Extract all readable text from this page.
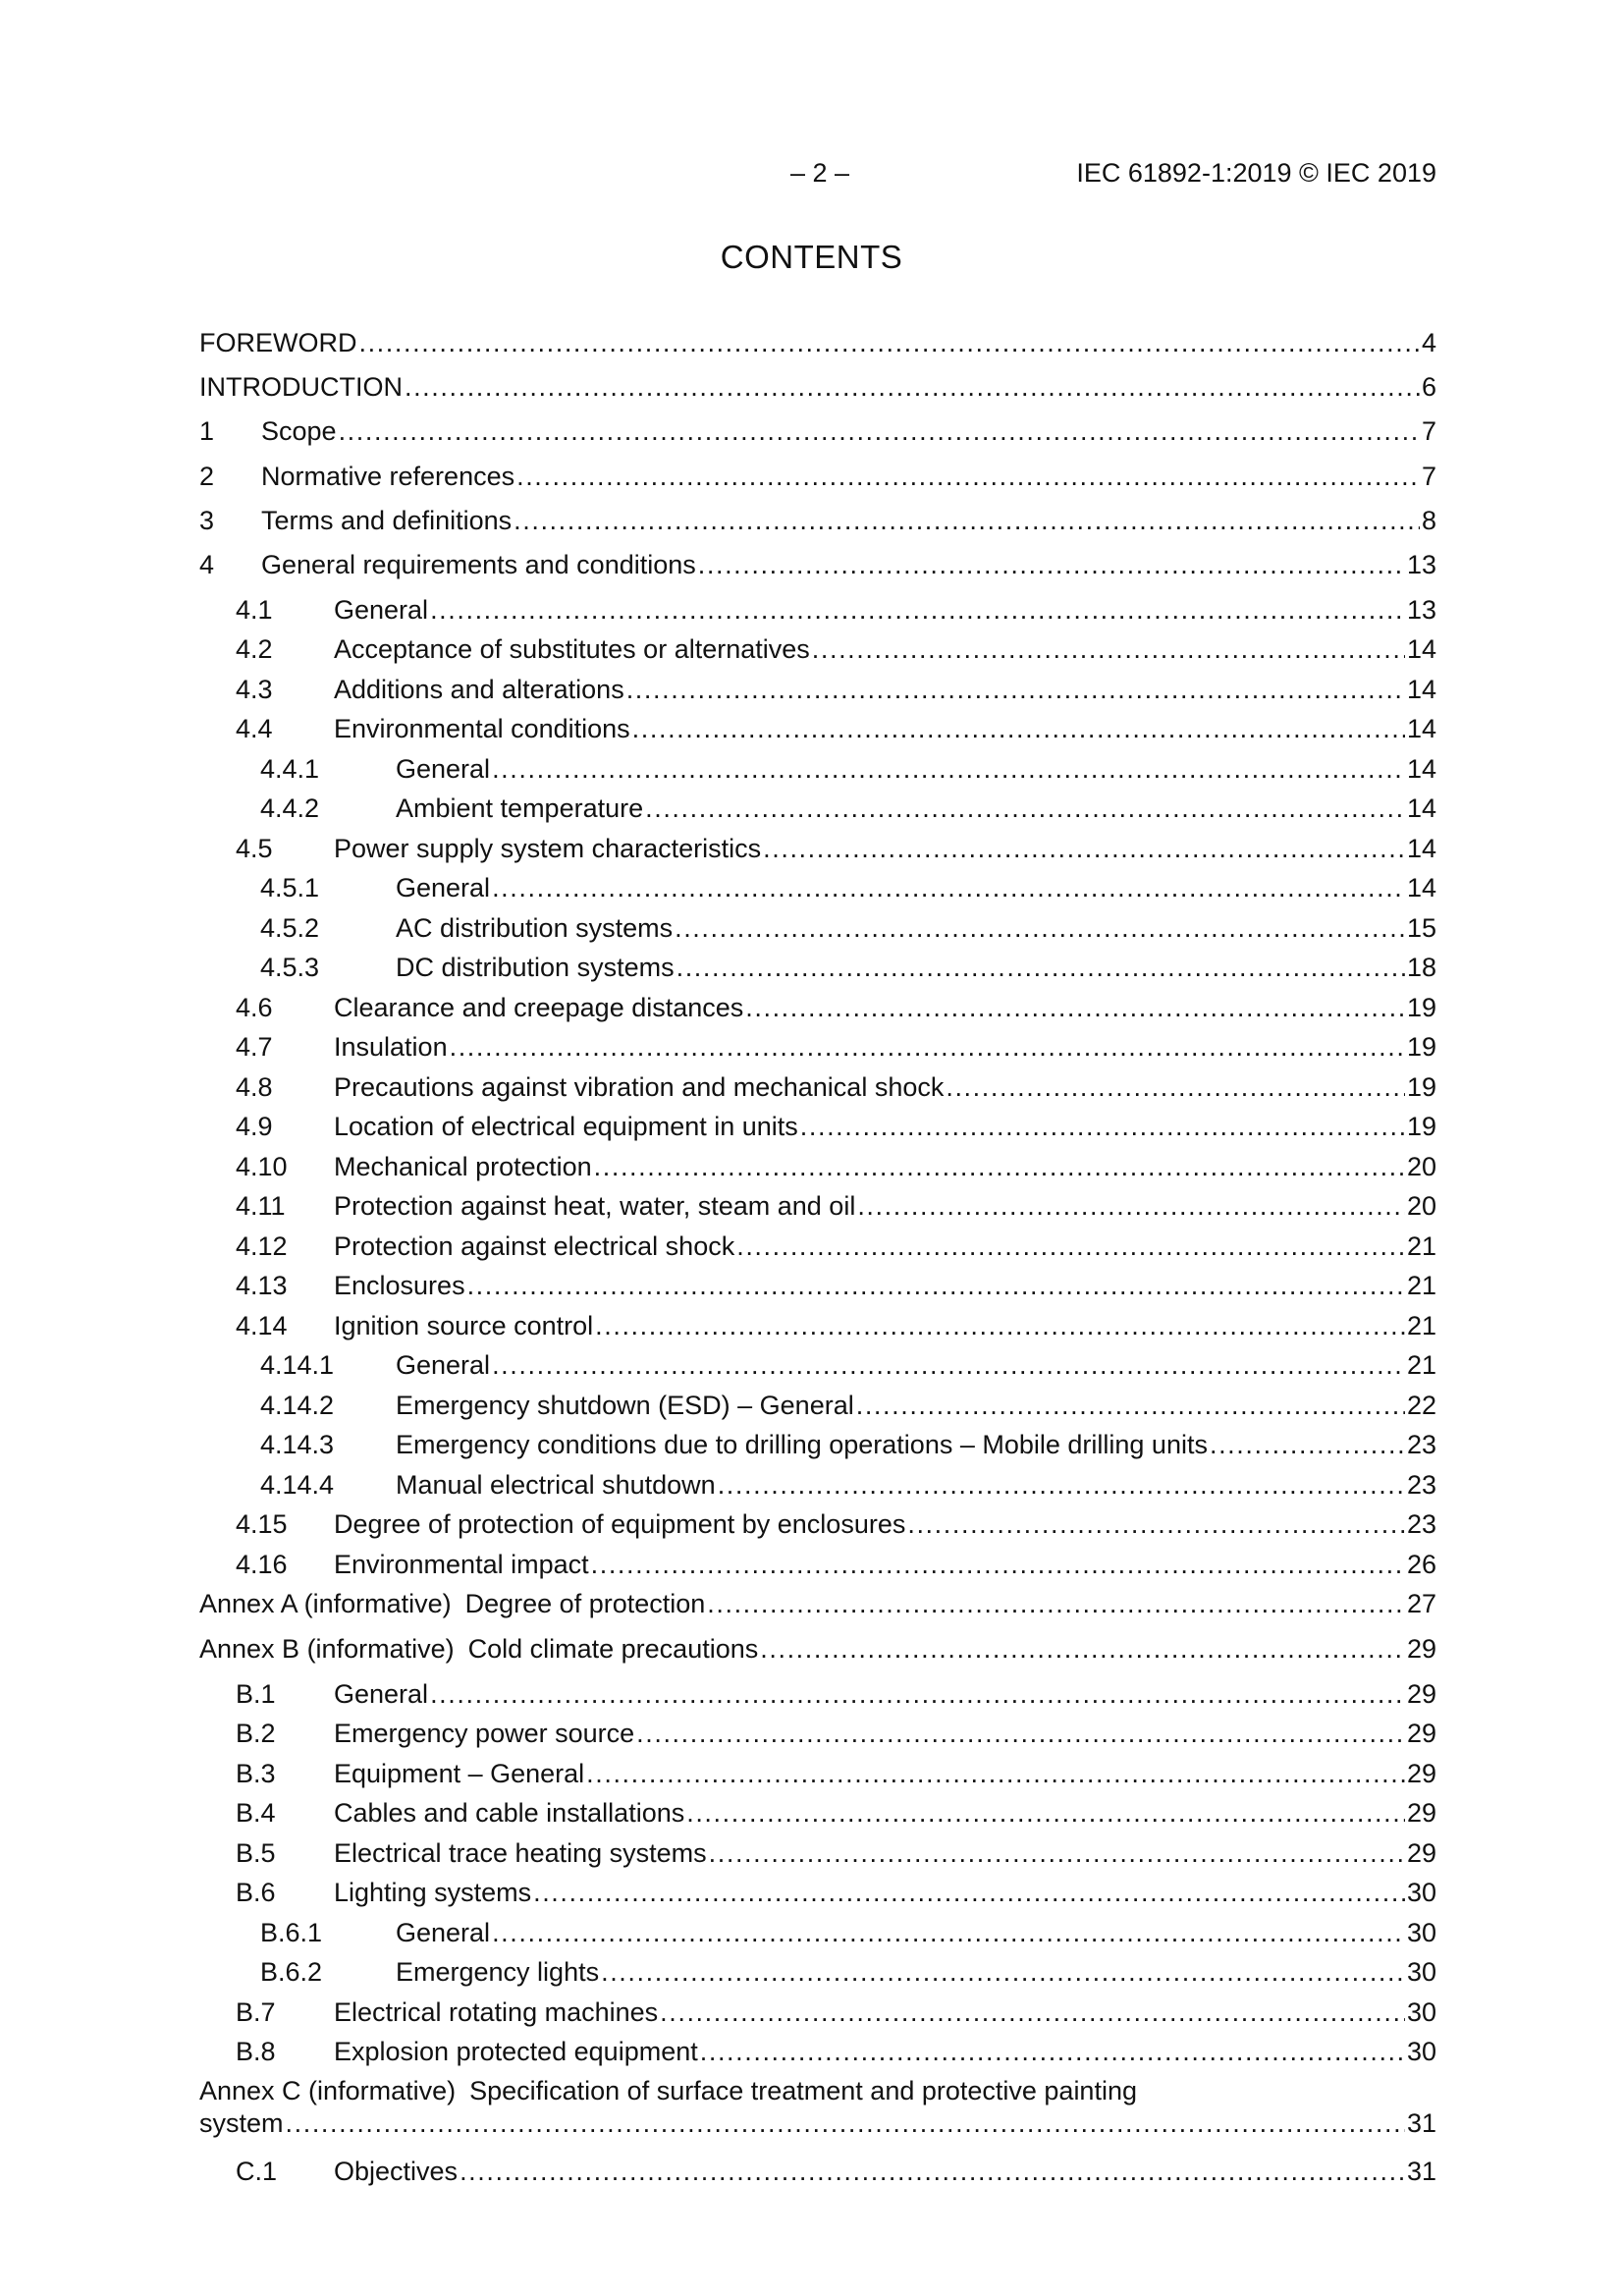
– 2 –	IEC 61892-1:2019 © IEC 2019
CONTENTS
FOREWORD .....	4
INTRODUCTION .....	6
1	Scope .....	7
2	Normative references .....	7
3	Terms and definitions .....	8
4	General requirements and conditions .....	13
4.1	General .....	13
4.2	Acceptance of substitutes or alternatives .....	14
4.3	Additions and alterations .....	14
4.4	Environmental conditions .....	14
4.4.1	General .....	14
4.4.2	Ambient temperature .....	14
4.5	Power supply system characteristics .....	14
4.5.1	General .....	14
4.5.2	AC distribution systems .....	15
4.5.3	DC distribution systems .....	18
4.6	Clearance and creepage distances .....	19
4.7	Insulation .....	19
4.8	Precautions against vibration and mechanical shock .....	19
4.9	Location of electrical equipment in units .....	19
4.10	Mechanical protection .....	20
4.11	Protection against heat, water, steam and oil .....	20
4.12	Protection against electrical shock .....	21
4.13	Enclosures .....	21
4.14	Ignition source control .....	21
4.14.1	General .....	21
4.14.2	Emergency shutdown (ESD) – General .....	22
4.14.3	Emergency conditions due to drilling operations – Mobile drilling units .....	23
4.14.4	Manual electrical shutdown .....	23
4.15	Degree of protection of equipment by enclosures .....	23
4.16	Environmental impact .....	26
Annex A (informative) Degree of protection .....	27
Annex B (informative) Cold climate precautions .....	29
B.1	General .....	29
B.2	Emergency power source .....	29
B.3	Equipment – General .....	29
B.4	Cables and cable installations .....	29
B.5	Electrical trace heating systems .....	29
B.6	Lighting systems .....	30
B.6.1	General .....	30
B.6.2	Emergency lights .....	30
B.7	Electrical rotating machines .....	30
B.8	Explosion protected equipment .....	30
Annex C (informative) Specification of surface treatment and protective painting
system .....	31
C.1	Objectives .....	31
